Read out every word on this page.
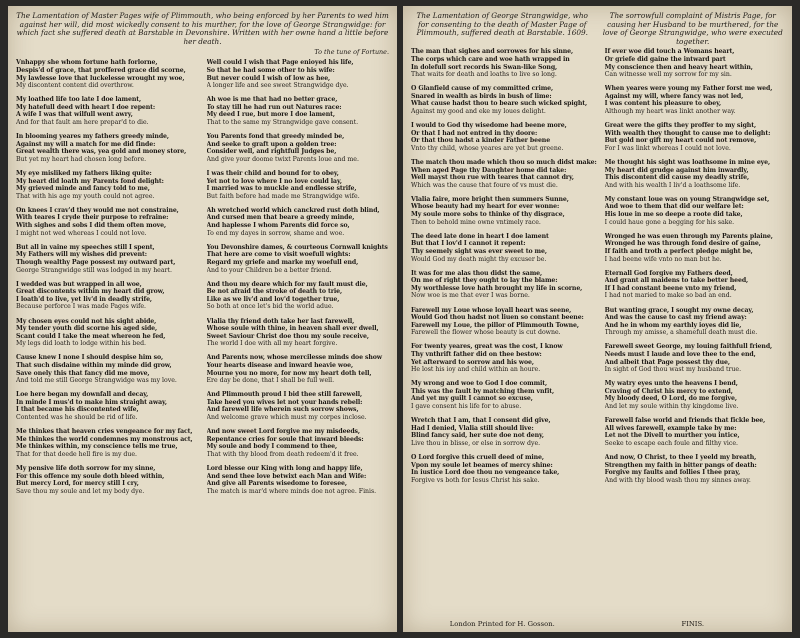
The Lamentation of Master Pages wife of Plimmouth, who being enforced by her Parents to wed him against her will, did most wickedly consent to his murther, for the love of George Strangwidge: for which fact she suffered death at Barstable in Devonshire. Written with her owne hand a little before her death.
To the tune of Fortune.
Vnhappy she whom fortune hath forlorne,
Despis'd of grace, that proffered grace did scorne,
My lawlesse love that luckelesse wrought my woe,
My discontent content did overthrow.
My loathed life too late I doe lament,
My hatefull deed with heart I doe repent:
A wife I was that wilfull went awry,
And for that fault am here prepar'd to die.
In blooming yeares my fathers greedy minde,
Against my will a match for me did finde:
Great wealth there was, yea gold and money store,
But yet my heart had chosen long before.
My eye misliked my fathers liking quite:
My heart did loath my Parents fond delight:
My grieved minde and fancy told to me,
That with his age my youth could not agree.
On knees I crav'd they would me not constraine,
With teares I cryde their purpose to refraine:
With sighes and sobs I did them often move,
I might not wed whereas I could not love.
But all in vaine my speeches still I spent,
My Fathers will my wishes did prevent:
Though wealthy Page possest my outward part,
George Strangwidge still was lodged in my heart.
I wedded was but wrapped in all woe,
Great discontents within my heart did grow,
I loath'd to live, yet liv'd in deadly strife,
Because perforce I was made Pages wife.
My chosen eyes could not his sight abide,
My tender youth did scorne his aged side,
Scant could I take the meat whereon he fed,
My legs did loath to lodge within his bed.
Cause knew I none I should despise him so,
That such disdaine within my minde did grow,
Save onely this that fancy did me move,
And told me still George Strangwidge was my love.
Loe here began my downfall and decay,
In minde I mus'd to make him straight away,
I that became his discontented wife,
Contented was he should be rid of life.
Me thinkes that heaven cries vengeance for my fact,
Me thinkes the world condemnes my monstrous act,
Me thinkes within, my conscience tells me true,
That for that deede hell fire is my due.
My pensive life doth sorrow for my sinne,
For this offence my soule doth bleed within,
But mercy Lord, for mercy still I cry,
Save thou my soule and let my body dye.
Well could I wish that Page enioyed his life,
So that he had some other to his wife:
But never could I wish of low as hee,
A longer life and see sweet Strangwidge dye.
Ah woe is me that had no better grace,
To stay till he had run out Natures race:
My deed I rue, but more I doe lament,
That to the same my Strangwidge gave consent.
You Parents fond that greedy minded be,
And seeke to graft upon a golden tree:
Consider well, and rightfull Judges be,
And give your doome twixt Parents loue and me.
I was their child and bound for to obey,
Yet not to love where I no love could lay,
I married was to muckle and endlesse strife,
But faith before had made me Strangwidge wife.
Ah wretched world which canckred rust doth blind,
And cursed men that beare a greedy minde,
And haplesse I whom Parents did force so,
To end my dayes in sorrow, shame and woe.
You Devonshire dames, & courteous Cornwall knights
That here are come to visit woefull wights:
Regard my griefe and marke my woefull end,
And to your Children be a better friend.
And thou my deare which for my fault must die,
Be not afraid the stroke of death to trie,
Like as we liv'd and lov'd together true,
So both at once let's bid the world adue.
Vlalia thy friend doth take her last farewell,
Whose soule with thine, in heaven shall ever dwell,
Sweet Saviour Christ doe thou my soule receive,
The world I doe with all my heart forgive.
And Parents now, whose mercilesse minds doe show
Your hearts disease and inward heavie woe,
Mourne you no more, for now my heart doth tell,
Ere day be done, that I shall be full well.
And Plimmouth proud I bid thee still farewell,
Take heed you wives let not your hands rebell:
And farewell life wherein such sorrow shows,
And welcome grave which must my corpes inclose.
And now sweet Lord forgive me my misdeeds,
Repentance cries for soule that inward bleeds:
My soule and body I commend to thee,
That with thy blood from death redeem'd it free.
Lord blesse our King with long and happy life,
And send thee love betwixt each Man and Wife:
And give all Parents wisedome to foresee,
The match is mar'd where minds doe not agree. Finis.
The Lamentation of George Strangwidge, who for consenting to the death of Master Page of Plimmouth, suffered death at Barstable. 1609.
The sorrowfull complaint of Mistris Page, for causing her Husband to be murthered, for the love of George Strangwidge, who were executed together.
The man that sighes and sorrowes for his sinne,
The corps which care and woe hath wrapped in
In dolefull sort records his Swan-like Song,
That waits for death and loaths to live so long.
O Glanfield cause of my committed crime,
Snared in wealth as birds in bush of lime:
What cause hadst thou to beare such wicked spight,
Against my good and eke my loues delight.
I would to God thy wisedome had beene more,
Or that I had not entred in thy doore:
Or that thou hadst a kinder Father beene
Vnto thy child, whose yeares are yet but greene.
The match thou made which thou so much didst make:
When aged Page thy Daughter home did take:
Well mayst thou rue with teares that cannot dry,
Which was the cause that foure of vs must die.
Vlalia faire, more bright then summers Sunne,
Whose beauty had my heart for ever wonne:
My soule more sobs to thinke of thy disgrace,
Then to behold mine owne vntimely race.
The deed late done in heart I doe lament
But that I lov'd I cannot it repent:
Thy seemely sight was ever sweet to me,
Would God my death might thy excuser be.
It was for me alas thou didst the same,
On me of right they ought to lay the blame:
My worthlesse love hath brought my life in scorne,
Now woe is me that ever I was borne.
Farewell my Loue whose loyall heart was seene,
Would God thou hadst not liuen so constant beene:
Farewell my Loue, the pillor of Plimmouth Towne,
Farewell the flower whose beauty is cut downe.
For twenty yeares, great was the cost, I know
Thy vnthrift father did on thee bestow:
Yet afterward to sorrow and his woe,
He lost his ioy and child within an houre.
My wrong and woe to God I doe commit,
This was the fault by matching them vnfit,
And yet my guilt I cannot so excuse,
I gave consent his life for to abuse.
Wretch that I am, that I consent did give,
Had I denied, Vlalia still should live:
Blind fancy said, her sute doe not deny,
Live thou in blisse, or else in sorrow dye.
O Lord forgive this cruell deed of mine,
Vpon my soule let beames of mercy shine:
In iustice Lord doe thou no vengeance take,
Forgive vs both for Iesus Christ his sake.
If ever woe did touch a Womans heart,
Or griefe did gaine the intward part
My conscience then and heavy heart within,
Can witnesse well my sorrow for my sin.
When yeares were young my Father forst me wed,
Against my will, where fancy was not led,
I was content his pleasure to obey,
Although my heart was linkt another way.
Great were the gifts they proffer to my sight,
With wealth they thought to cause me to delight:
But gold nor gift my heart could not remove,
For I was linkt whereas I could not love.
Me thought his sight was loathsome in mine eye,
My heart did grudge against him inwardly,
This discontent did cause my deadly strife,
And with his wealth I liv'd a loathsome life.
My constant loue was on young Strangwidge set,
And woe to them that did our welfare let:
His loue in me so deepe a roote did take,
I could haue gone a begging for his sake.
Wronged he was euen through my Parents plaine,
Wronged he was through fond desire of gaine,
If faith and troth a perfect pledge might be,
I had beene wife vnto no man but he.
Eternall God forgive my Fathers deed,
And grant all maidens to take better heed,
If I had constant beene vnto my friend,
I had not maried to make so bad an end.
But wanting grace, I sought my owne decay,
And was the cause to cast my friend away:
And he in whom my earthly ioyes did lie,
Through my amisse, a shamefull death must die.
Farewell sweet George, my louing faithfull friend,
Needs must I laude and love thee to the end,
And albeit that Page possest thy due,
In sight of God thou wast my husband true.
My watry eyes unto the heavens I bend,
Craving of Christ his mercy to extend,
My bloody deed, O Lord, do me forgive,
And let my soule within thy kingdome live.
Farewell false world and friends that fickle bee,
All wives farewell, example take by me:
Let not the Divell to murther you intice,
Seeke to escape each foule and filthy vice.
And now, O Christ, to thee I yeeld my breath,
Strengthen my faith in bitter pangs of death:
Forgive my faults and follies I thee pray,
And with thy blood wash thou my sinnes away.
London Printed for H. Gosson.	FINIS.
